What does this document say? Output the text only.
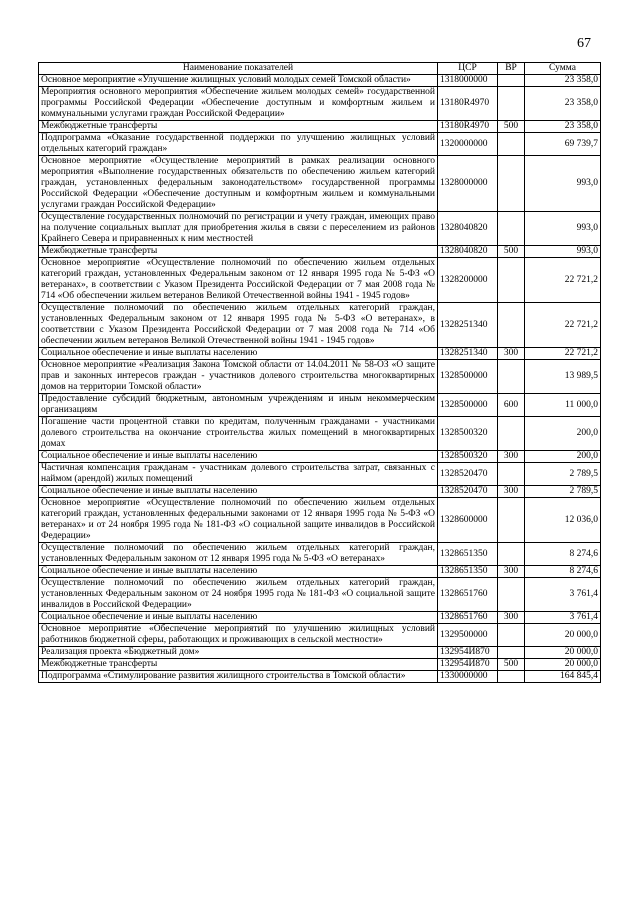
67
Наименование показателей	ЦСР	ВР	Сумма
Основное мероприятие «Улучшение жилищных условий молодых семей Томской области»	1318000000		23 358,0
Мероприятия основного мероприятия «Обеспечение жильем молодых семей» государственной программы Российской Федерации «Обеспечение доступным и комфортным жильем и коммунальными услугами граждан Российской Федерации»	13180R4970		23 358,0
Межбюджетные трансферты	13180R4970	500	23 358,0
Подпрограмма «Оказание государственной поддержки по улучшению жилищных условий отдельных категорий граждан»	1320000000		69 739,7
Основное мероприятие «Осуществление мероприятий в рамках реализации основного мероприятия «Выполнение государственных обязательств по обеспечению жильем категорий граждан, установленных федеральным законодательством» государственной программы Российской Федерации «Обеспечение доступным и комфортным жильем и коммунальными услугами граждан Российской Федерации»	1328000000		993,0
Осуществление государственных полномочий по регистрации и учету граждан, имеющих право на получение социальных выплат для приобретения жилья в связи с переселением из районов Крайнего Севера и приравненных к ним местностей	1328040820		993,0
Межбюджетные трансферты	1328040820	500	993,0
Основное мероприятие «Осуществление полномочий по обеспечению жильем отдельных категорий граждан, установленных Федеральным законом от 12 января 1995 года № 5-ФЗ «О ветеранах», в соответствии с Указом Президента Российской Федерации от 7 мая 2008 года № 714 «Об обеспечении жильем ветеранов Великой Отечественной войны 1941 - 1945 годов»	1328200000		22 721,2
Осуществление полномочий по обеспечению жильем отдельных категорий граждан, установленных Федеральным законом от 12 января 1995 года № 5-ФЗ «О ветеранах», в соответствии с Указом Президента Российской Федерации от 7 мая 2008 года № 714 «Об обеспечении жильем ветеранов Великой Отечественной войны 1941 - 1945 годов»	1328251340		22 721,2
Социальное обеспечение и иные выплаты населению	1328251340	300	22 721,2
Основное мероприятие «Реализация Закона Томской области от 14.04.2011 № 58-ОЗ «О защите прав и законных интересов граждан - участников долевого строительства многоквартирных домов на территории Томской области»	1328500000		13 989,5
Предоставление субсидий бюджетным, автономным учреждениям и иным некоммерческим организациям	1328500000	600	11 000,0
Погашение части процентной ставки по кредитам, полученным гражданами - участниками долевого строительства на окончание строительства жилых помещений в многоквартирных домах	1328500320		200,0
Социальное обеспечение и иные выплаты населению	1328500320	300	200,0
Частичная компенсация гражданам - участникам долевого строительства затрат, связанных с наймом (арендой) жилых помещений	1328520470		2 789,5
Социальное обеспечение и иные выплаты населению	1328520470	300	2 789,5
Основное мероприятие «Осуществление полномочий по обеспечению жильем отдельных категорий граждан, установленных федеральными законами от 12 января 1995 года № 5-ФЗ «О ветеранах» и от 24 ноября 1995 года № 181-ФЗ «О социальной защите инвалидов в Российской Федерации»	1328600000		12 036,0
Осуществление полномочий по обеспечению жильем отдельных категорий граждан, установленных Федеральным законом от 12 января 1995 года № 5-ФЗ «О ветеранах»	1328651350		8 274,6
Социальное обеспечение и иные выплаты населению	1328651350	300	8 274,6
Осуществление полномочий по обеспечению жильем отдельных категорий граждан, установленных Федеральным законом от 24 ноября 1995 года № 181-ФЗ «О социальной защите инвалидов в Российской Федерации»	1328651760		3 761,4
Социальное обеспечение и иные выплаты населению	1328651760	300	3 761,4
Основное мероприятие «Обеспечение мероприятий по улучшению жилищных условий работников бюджетной сферы, работающих и проживающих в сельской местности»	1329500000		20 000,0
Реализация проекта «Бюджетный дом»	132954И870		20 000,0
Межбюджетные трансферты	132954И870	500	20 000,0
Подпрограмма «Стимулирование развития жилищного строительства в Томской области»	1330000000		164 845,4
